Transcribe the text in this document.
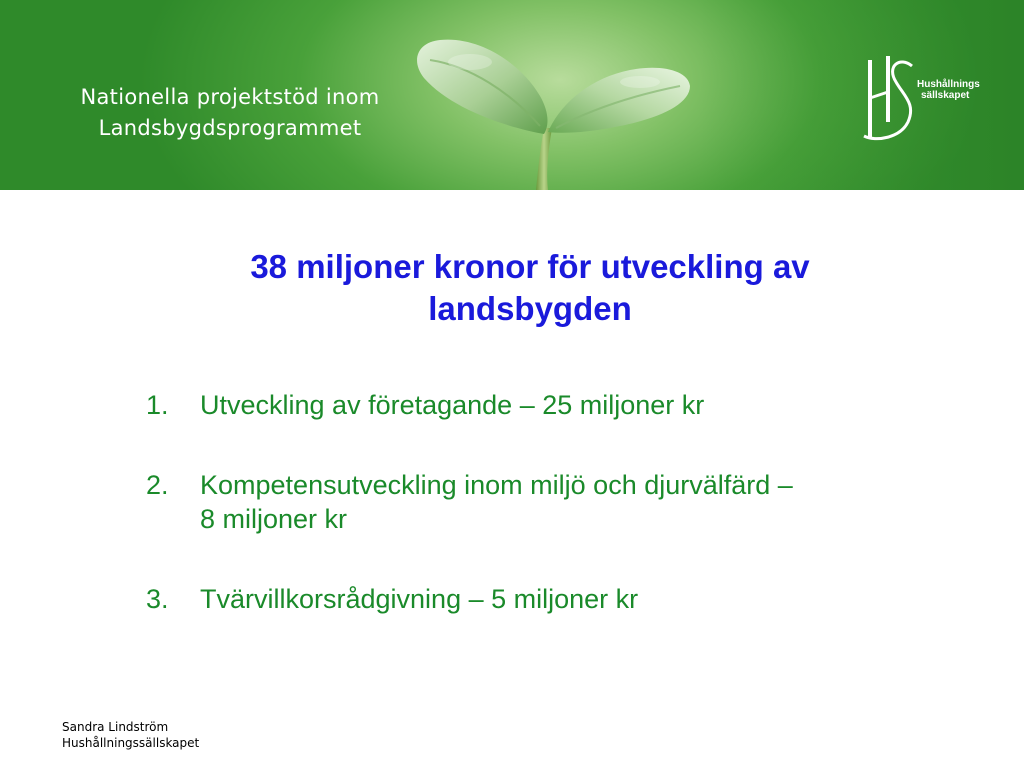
Nationella projektstöd inom
Landsbygdsprogrammet
Hushållnings
sällskapet
38 miljoner kronor för utveckling av
landsbygden
1. Utveckling av företagande – 25 miljoner kr
2. Kompetensutveckling inom miljö och djurvälfärd –
8 miljoner kr
3. Tvärvillkorsrådgivning – 5 miljoner kr
Sandra Lindström
Hushållningssällskapet
